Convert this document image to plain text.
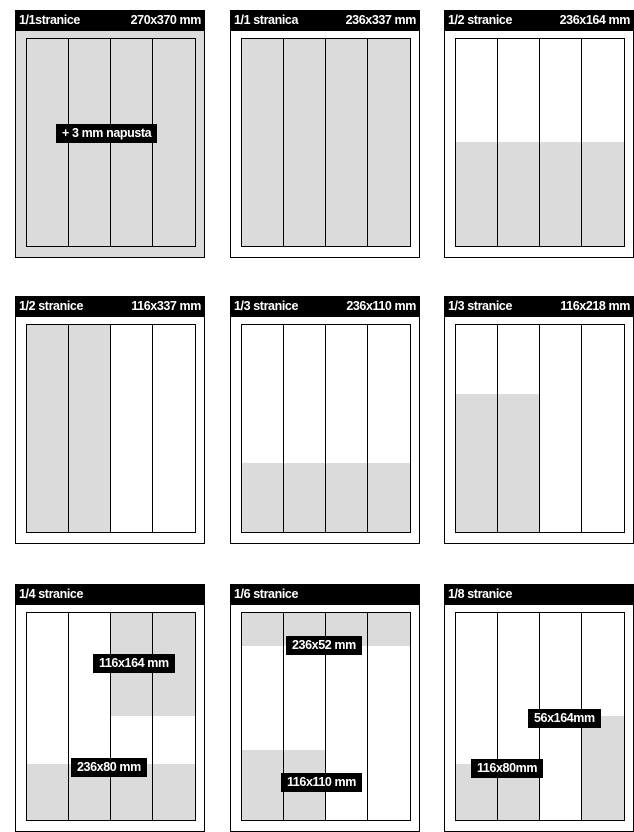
1/1stranice	270x370 mm
+ 3 mm napusta
1/1 stranica	236x337 mm	1/2 stranice	236x164 mm
1/2 stranice	116x337 mm	1/3 stranice	236x110 mm	1/3 stranice	116x218 mm
1/4 stranice
116x164 mm
236x80 mm
1/6 stranice
236x52 mm
116x110 mm
1/8 stranice
56x164mm
116x80mm
